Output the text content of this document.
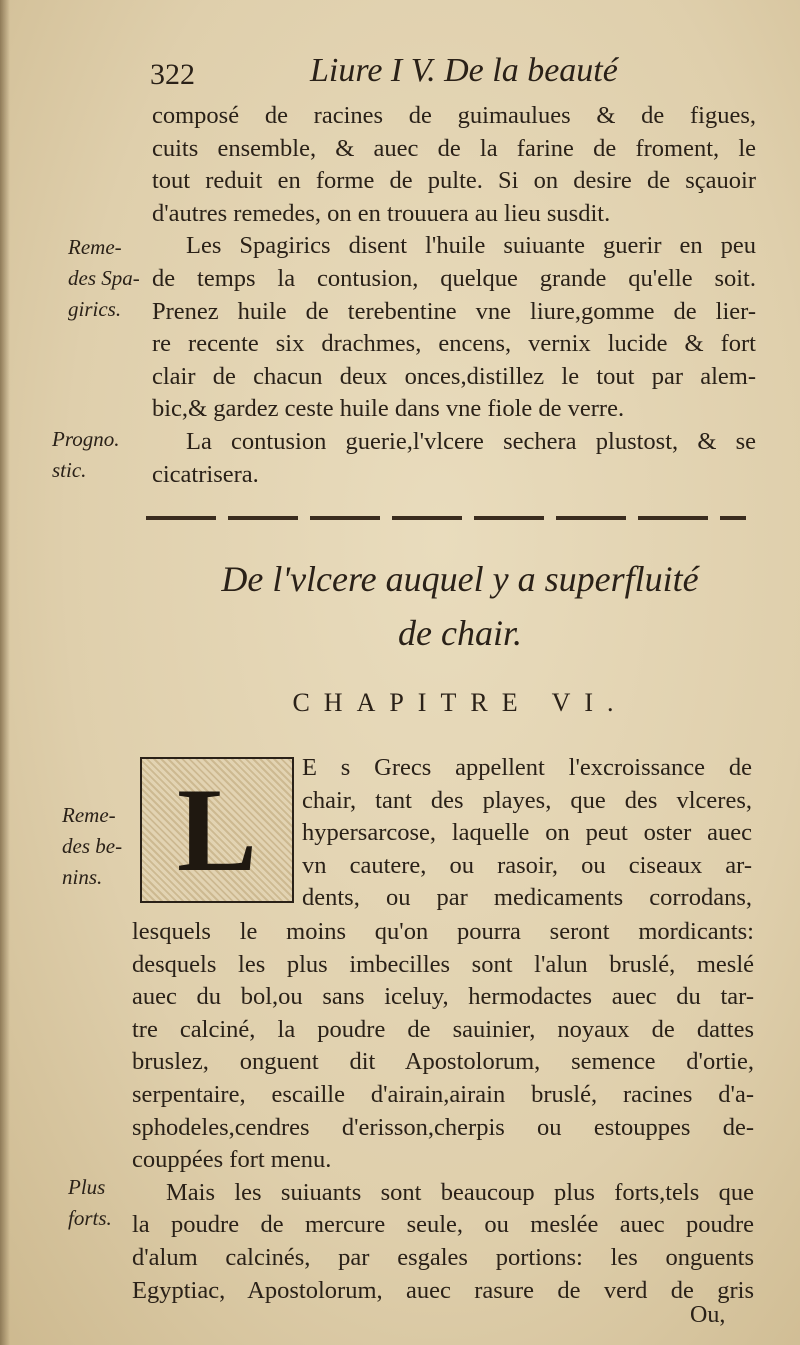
322	Liure I V. De la beauté
composé de racines de guimaulues & de figues,
cuits ensemble, & auec de la farine de froment, le
tout reduit en forme de pulte. Si on desire de sçauoir
d'autres remedes, on en trouuera au lieu susdit.
Les Spagirics disent l'huile suiuante guerir en peu
de temps la contusion, quelque grande qu'elle soit.
Prenez huile de terebentine vne liure,gomme de lier-
re recente six drachmes, encens, vernix lucide & fort
clair de chacun deux onces,distillez le tout par alem-
bic,& gardez ceste huile dans vne fiole de verre.
La contusion guerie,l'vlcere sechera plustost, & se
cicatrisera.
Reme-
des Spa-
girics.
Progno.
stic.
De l'vlcere auquel y a superfluité
de chair.
CHAPITRE VI.
L
Reme-
des be-
nins.
E s Grecs appellent l'excroissance de
chair, tant des playes, que des vlceres,
hypersarcose, laquelle on peut oster auec
vn cautere, ou rasoir, ou ciseaux ar-
dents, ou par medicaments corrodans,
lesquels le moins qu'on pourra seront mordicants:
desquels les plus imbecilles sont l'alun bruslé, meslé
auec du bol,ou sans iceluy, hermodactes auec du tar-
tre calciné, la poudre de sauinier, noyaux de dattes
bruslez, onguent dit Apostolorum, semence d'ortie,
serpentaire, escaille d'airain,airain bruslé, racines d'a-
sphodeles,cendres d'erisson,cherpis ou estouppes de-
couppées fort menu.
Mais les suiuants sont beaucoup plus forts,tels que
la poudre de mercure seule, ou meslée auec poudre
d'alum calcinés, par esgales portions: les onguents
Egyptiac, Apostolorum, auec rasure de verd de gris
Plus
forts.
Ou,
